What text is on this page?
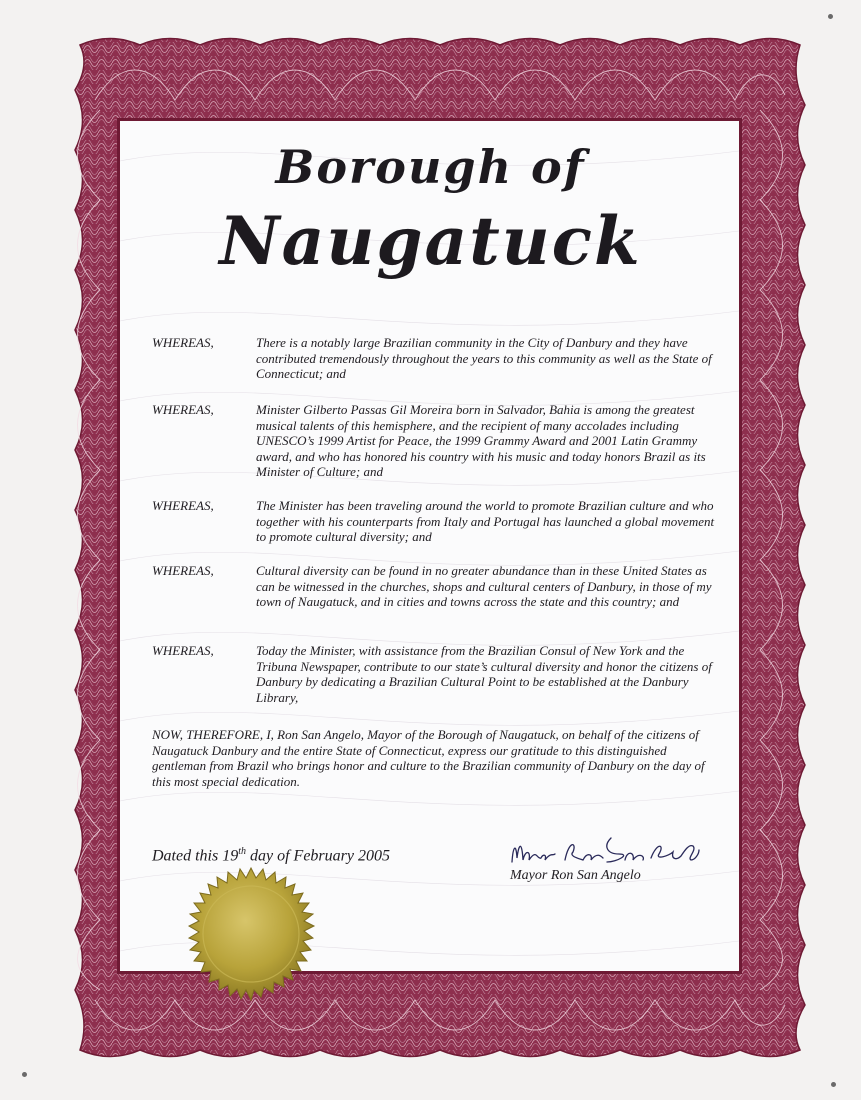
Borough of
Naugatuck
WHEREAS,	There is a notably large Brazilian community in the City of Danbury and they have contributed tremendously throughout the years to this community as well as the State of Connecticut; and
WHEREAS,	Minister Gilberto Passas Gil Moreira born in Salvador, Bahia is among the greatest musical talents of this hemisphere, and the recipient of many accolades including UNESCO’s 1999 Artist for Peace, the 1999 Grammy Award and 2001 Latin Grammy award, and who has honored his country with his music and today honors Brazil as its Minister of Culture; and
WHEREAS,	The Minister has been traveling around the world to promote Brazilian culture and who together with his counterparts from Italy and Portugal has launched a global movement to promote cultural diversity; and
WHEREAS,	Cultural diversity can be found in no greater abundance than in these United States as can be witnessed in the churches, shops and cultural centers of Danbury, in those of my town of Naugatuck, and in cities and towns across the state and this country; and
WHEREAS,	Today the Minister, with assistance from the Brazilian Consul of New York and the Tribuna Newspaper, contribute to our state’s cultural diversity and honor the citizens of Danbury by dedicating a Brazilian Cultural Point to be established at the Danbury Library,
NOW, THEREFORE, I, Ron San Angelo, Mayor of the Borough of Naugatuck, on behalf of the citizens of Naugatuck Danbury and the entire State of Connecticut, express our gratitude to this distinguished gentleman from Brazil who brings honor and culture to the Brazilian community of Danbury on the day of this most special dedication.
Dated this 19th day of February 2005
Mayor Ron San Angelo
